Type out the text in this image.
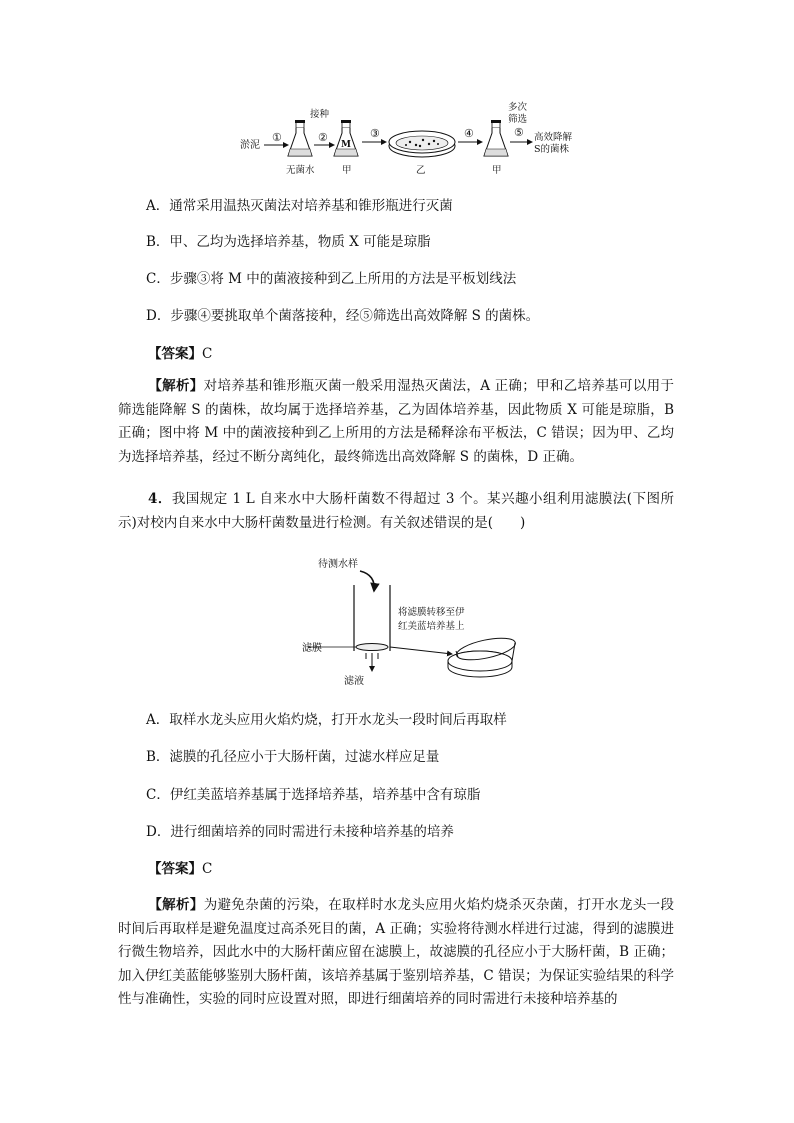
淤泥
①
无菌水
接种
②
M
甲
③
乙
④
甲
多次
筛选
⑤ 高效降解
S的菌株
A．通常采用温热灭菌法对培养基和锥形瓶进行灭菌
B．甲、乙均为选择培养基，物质 X 可能是琼脂
C．步骤③将 M 中的菌液接种到乙上所用的方法是平板划线法
D．步骤④要挑取单个菌落接种，经⑤筛选出高效降解 S 的菌株。
【答案】C
【解析】对培养基和锥形瓶灭菌一般采用湿热灭菌法，A 正确；甲和乙培养基可以用于筛选能降解 S 的菌株，故均属于选择培养基，乙为固体培养基，因此物质 X 可能是琼脂，B 正确；图中将 M 中的菌液接种到乙上所用的方法是稀释涂布平板法，C 错误；因为甲、乙均为选择培养基，经过不断分离纯化，最终筛选出高效降解 S 的菌株，D 正确。
4．我国规定 1 L 自来水中大肠杆菌数不得超过 3 个。某兴趣小组利用滤膜法(下图所示)对校内自来水中大肠杆菌数量进行检测。有关叙述错误的是(　　)
待测水样
滤膜
滤液
将滤膜转移至伊
红美蓝培养基上
A．取样水龙头应用火焰灼烧，打开水龙头一段时间后再取样
B．滤膜的孔径应小于大肠杆菌，过滤水样应足量
C．伊红美蓝培养基属于选择培养基，培养基中含有琼脂
D．进行细菌培养的同时需进行未接种培养基的培养
【答案】C
【解析】为避免杂菌的污染，在取样时水龙头应用火焰灼烧杀灭杂菌，打开水龙头一段时间后再取样是避免温度过高杀死目的菌，A 正确；实验将待测水样进行过滤，得到的滤膜进行微生物培养，因此水中的大肠杆菌应留在滤膜上，故滤膜的孔径应小于大肠杆菌，B 正确；加入伊红美蓝能够鉴别大肠杆菌，该培养基属于鉴别培养基，C 错误；为保证实验结果的科学性与准确性，实验的同时应设置对照，即进行细菌培养的同时需进行未接种培养基的
